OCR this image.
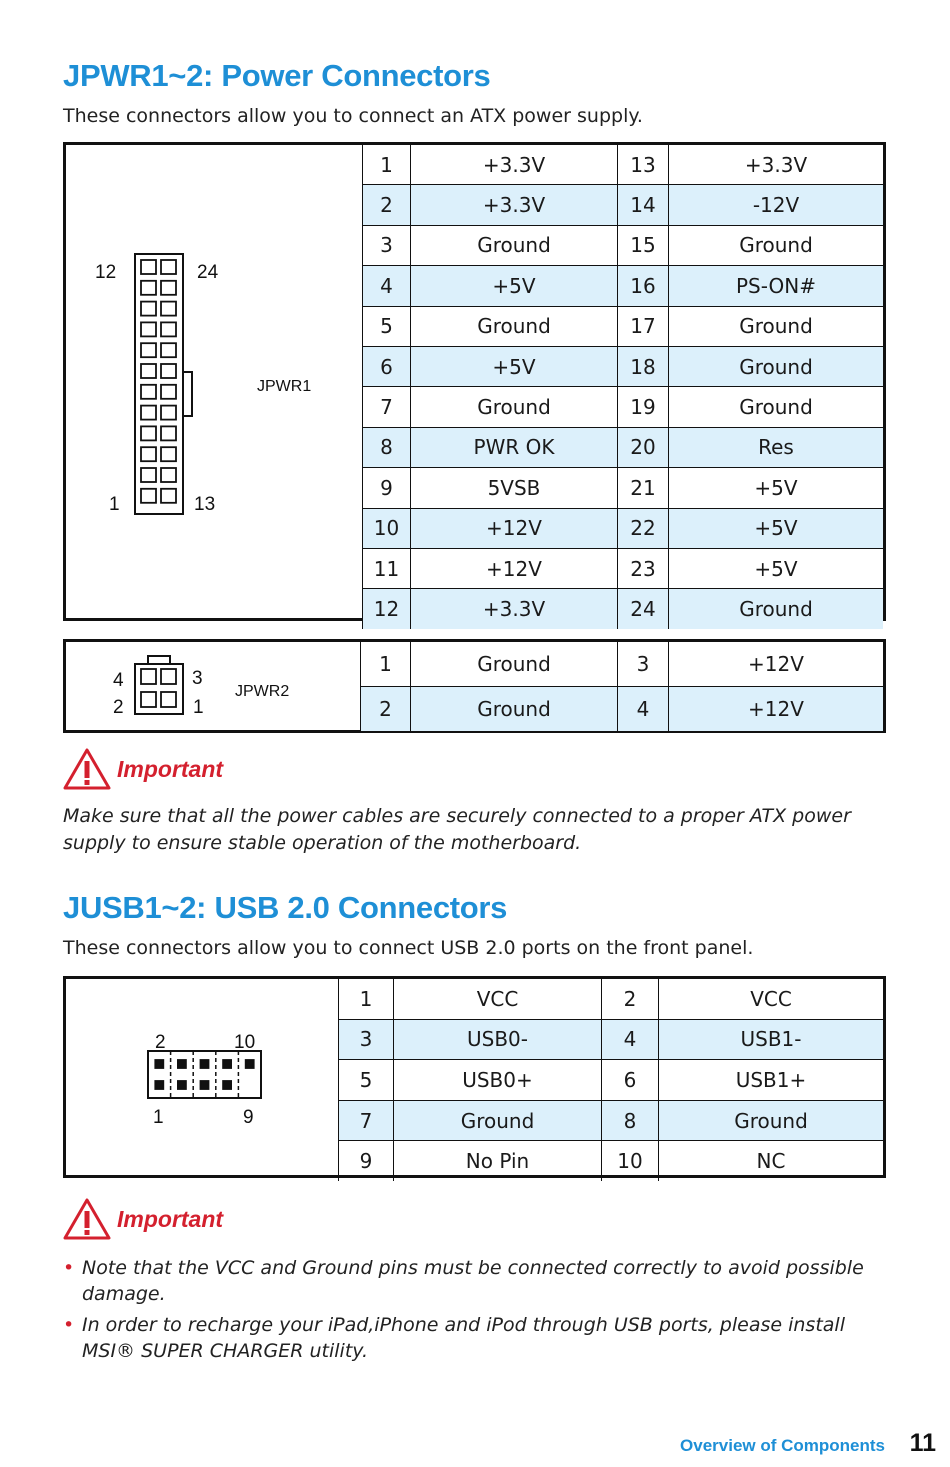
JPWR1~2: Power Connectors
These connectors allow you to connect an ATX power supply.
12	24
1	13
JPWR1
1	+3.3V	13	+3.3V
2	+3.3V	14	-12V
3	Ground	15	Ground
4	+5V	16	PS-ON#
5	Ground	17	Ground
6	+5V	18	Ground
7	Ground	19	Ground
8	PWR OK	20	Res
9	5VSB	21	+5V
10	+12V	22	+5V
11	+12V	23	+5V
12	+3.3V	24	Ground
4	3
2	1
JPWR2
1	Ground	3	+12V
2	Ground	4	+12V
Important
Make sure that all the power cables are securely connected to a proper ATX power supply to ensure stable operation of the motherboard.
JUSB1~2: USB 2.0 Connectors
These connectors allow you to connect USB 2.0 ports on the front panel.
2	10
1	9
1	VCC	2	VCC
3	USB0-	4	USB1-
5	USB0+	6	USB1+
7	Ground	8	Ground
9	No Pin	10	NC
Important
• Note that the VCC and Ground pins must be connected correctly to avoid possible damage.
• In order to recharge your iPad,iPhone and iPod through USB ports, please install MSI® SUPER CHARGER utility.
Overview of Components 11
